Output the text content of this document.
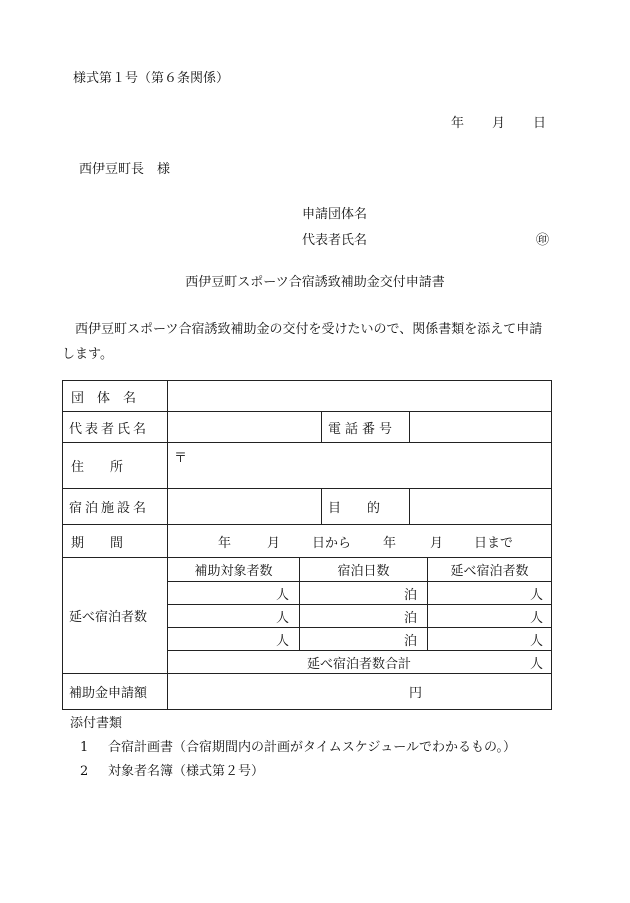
様式第１号（第６条関係）
年 月 日
西伊豆町長　様
申請団体名
代表者氏名	㊞
西伊豆町スポーツ合宿誘致補助金交付申請書
西伊豆町スポーツ合宿誘致補助金の交付を受けたいので、関係書類を添えて申請します。
団　体　名
代表者氏名	電話番号
住　　所
〒
宿泊施設名	目　　的
期　　間	年	月 日から 年	月 日まで
延べ宿泊者数
補助対象者数	宿泊日数	延べ宿泊者数
人	泊	人
人	泊	人
人	泊	人
延べ宿泊者数合計	人
補助金申請額	円
添付書類
1 合宿計画書（合宿期間内の計画がタイムスケジュールでわかるもの。）
2 対象者名簿（様式第２号）
